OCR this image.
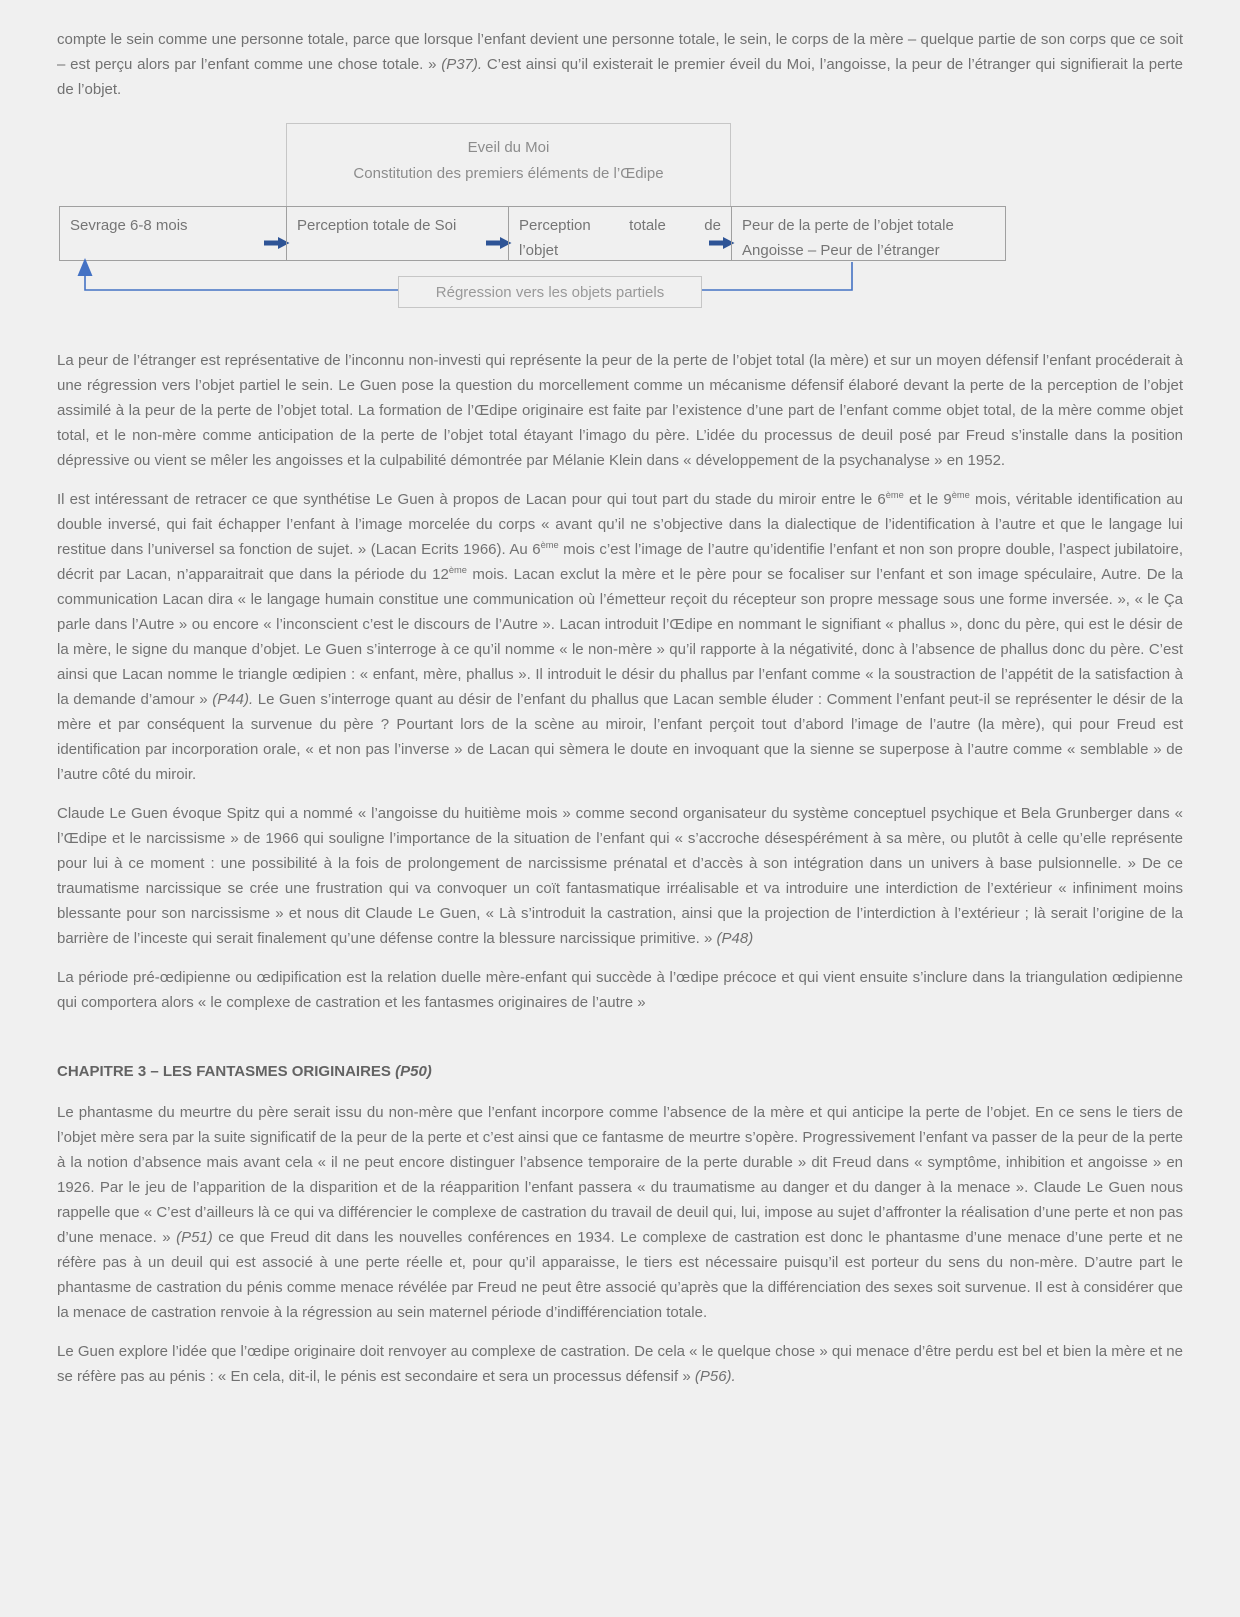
compte le sein comme une personne totale, parce que lorsque l’enfant devient une personne totale, le sein, le corps de la mère – quelque partie de son corps que ce soit – est perçu alors par l’enfant comme une chose totale. » (P37). C’est ainsi qu’il existerait le premier éveil du Moi, l’angoisse, la peur de l’étranger qui signifierait la perte de l’objet.

Eveil du Moi
Constitution des premiers éléments de l’Œdipe
Sevrage 6-8 mois	Perception totale de Soi	Perception totale de
l’objet
Peur de la perte de l’objet totale
Angoisse – Peur de l’étranger
Régression vers les objets partiels

La peur de l’étranger est représentative de l’inconnu non-investi qui représente la peur de la perte de l’objet total (la mère) et sur un moyen défensif l’enfant procéderait à une régression vers l’objet partiel le sein. Le Guen pose la question du morcellement comme un mécanisme défensif élaboré devant la perte de la perception de l’objet assimilé à la peur de la perte de l’objet total. La formation de l’Œdipe originaire est faite par l’existence d’une part de l’enfant comme objet total, de la mère comme objet total, et le non-mère comme anticipation de la perte de l’objet total étayant l’imago du père. L’idée du processus de deuil posé par Freud s’installe dans la position dépressive ou vient se mêler les angoisses et la culpabilité démontrée par Mélanie Klein dans « développement de la psychanalyse » en 1952.

Il est intéressant de retracer ce que synthétise Le Guen à propos de Lacan pour qui tout part du stade du miroir entre le 6ème et le 9ème mois, véritable identification au double inversé, qui fait échapper l’enfant à l’image morcelée du corps « avant qu’il ne s’objective dans la dialectique de l’identification à l’autre et que le langage lui restitue dans l’universel sa fonction de sujet. » (Lacan Ecrits 1966). Au 6ème mois c’est l’image de l’autre qu’identifie l’enfant et non son propre double, l’aspect jubilatoire, décrit par Lacan, n’apparaitrait que dans la période du 12ème mois. Lacan exclut la mère et le père pour se focaliser sur l’enfant et son image spéculaire, Autre. De la communication Lacan dira « le langage humain constitue une communication où l’émetteur reçoit du récepteur son propre message sous une forme inversée. », « le Ça parle dans l’Autre » ou encore « l’inconscient c’est le discours de l’Autre ». Lacan introduit l’Œdipe en nommant le signifiant « phallus », donc du père, qui est le désir de la mère, le signe du manque d’objet. Le Guen s’interroge à ce qu’il nomme « le non-mère » qu’il rapporte à la négativité, donc à l’absence de phallus donc du père. C’est ainsi que Lacan nomme le triangle œdipien : « enfant, mère, phallus ». Il introduit le désir du phallus par l’enfant comme « la soustraction de l’appétit de la satisfaction à la demande d’amour » (P44). Le Guen s’interroge quant au désir de l’enfant du phallus que Lacan semble éluder : Comment l’enfant peut-il se représenter le désir de la mère et par conséquent la survenue du père ? Pourtant lors de la scène au miroir, l’enfant perçoit tout d’abord l’image de l’autre (la mère), qui pour Freud est identification par incorporation orale, « et non pas l’inverse » de Lacan qui sèmera le doute en invoquant que la sienne se superpose à l’autre comme « semblable » de l’autre côté du miroir.

Claude Le Guen évoque Spitz qui a nommé « l’angoisse du huitième mois » comme second organisateur du système conceptuel psychique et Bela Grunberger dans « l’Œdipe et le narcissisme » de 1966 qui souligne l’importance de la situation de l’enfant qui « s’accroche désespérément à sa mère, ou plutôt à celle qu’elle représente pour lui à ce moment : une possibilité à la fois de prolongement de narcissisme prénatal et d’accès à son intégration dans un univers à base pulsionnelle. » De ce traumatisme narcissique se crée une frustration qui va convoquer un coït fantasmatique irréalisable et va introduire une interdiction de l’extérieur « infiniment moins blessante pour son narcissisme » et nous dit Claude Le Guen, « Là s’introduit la castration, ainsi que la projection de l’interdiction à l’extérieur ; là serait l’origine de la barrière de l’inceste qui serait finalement qu’une défense contre la blessure narcissique primitive. » (P48)

La période pré-œdipienne ou œdipification est la relation duelle mère-enfant qui succède à l’œdipe précoce et qui vient ensuite s’inclure dans la triangulation œdipienne qui comportera alors « le complexe de castration et les fantasmes originaires de l’autre »

CHAPITRE 3 – LES FANTASMES ORIGINAIRES (P50)

Le phantasme du meurtre du père serait issu du non-mère que l’enfant incorpore comme l’absence de la mère et qui anticipe la perte de l’objet. En ce sens le tiers de l’objet mère sera par la suite significatif de la peur de la perte et c’est ainsi que ce fantasme de meurtre s’opère. Progressivement l’enfant va passer de la peur de la perte à la notion d’absence mais avant cela « il ne peut encore distinguer l’absence temporaire de la perte durable » dit Freud dans « symptôme, inhibition et angoisse » en 1926. Par le jeu de l’apparition de la disparition et de la réapparition l’enfant passera « du traumatisme au danger et du danger à la menace ». Claude Le Guen nous rappelle que « C’est d’ailleurs là ce qui va différencier le complexe de castration du travail de deuil qui, lui, impose au sujet d’affronter la réalisation d’une perte et non pas d’une menace. » (P51) ce que Freud dit dans les nouvelles conférences en 1934. Le complexe de castration est donc le phantasme d’une menace d’une perte et ne réfère pas à un deuil qui est associé à une perte réelle et, pour qu’il apparaisse, le tiers est nécessaire puisqu’il est porteur du sens du non-mère. D’autre part le phantasme de castration du pénis comme menace révélée par Freud ne peut être associé qu’après que la différenciation des sexes soit survenue. Il est à considérer que la menace de castration renvoie à la régression au sein maternel période d’indifférenciation totale.

Le Guen explore l’idée que l’œdipe originaire doit renvoyer au complexe de castration. De cela « le quelque chose » qui menace d’être perdu est bel et bien la mère et ne se réfère pas au pénis : « En cela, dit-il, le pénis est secondaire et sera un processus défensif » (P56).
